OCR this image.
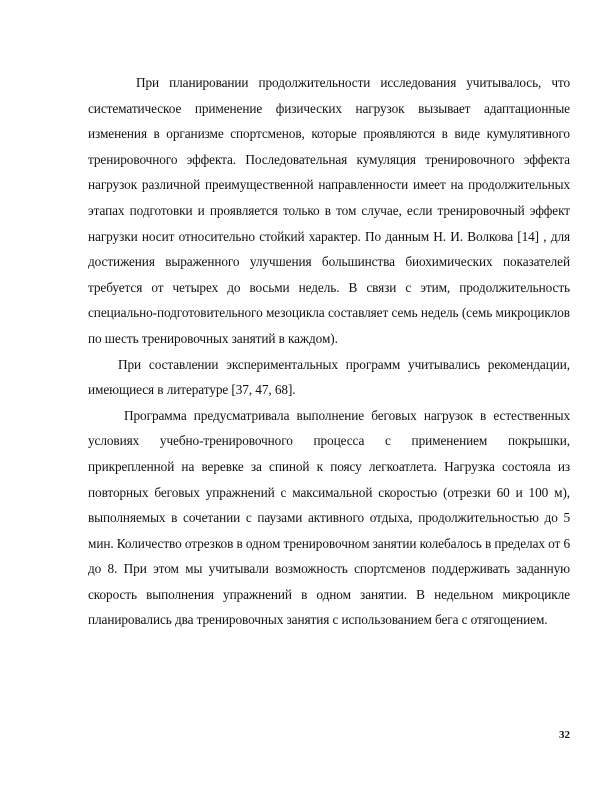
При планировании продолжительности исследования учитывалось, что систематическое применение физических нагрузок вызывает адаптационные изменения в организме спортсменов, которые проявляются в виде кумулятивного тренировочного эффекта. Последовательная кумуляция тренировочного эффекта нагрузок различной преимущественной направленности имеет на продолжительных этапах подготовки и проявляется только в том случае, если тренировочный эффект нагрузки носит относительно стойкий характер. По данным Н. И. Волкова [14] , для достижения выраженного улучшения большинства биохимических показателей требуется от четырех до восьми недель. В связи с этим, продолжительность специально-подготовительного мезоцикла составляет семь недель (семь микроциклов по шесть тренировочных занятий в каждом).

При составлении экспериментальных программ учитывались рекомендации, имеющиеся в литературе [37, 47, 68].

Программа предусматривала выполнение беговых нагрузок в естественных условиях учебно-тренировочного процесса с применением покрышки, прикрепленной на веревке за спиной к поясу легкоатлета. Нагрузка состояла из повторных беговых упражнений с максимальной скоростью (отрезки 60 и 100 м), выполняемых в сочетании с паузами активного отдыха, продолжительностью до 5 мин. Количество отрезков в одном тренировочном занятии колебалось в пределах от 6 до 8. При этом мы учитывали возможность спортсменов поддерживать заданную скорость выполнения упражнений в одном занятии. В недельном микроцикле планировались два тренировочных занятия с использованием бега с отягощением.

32
